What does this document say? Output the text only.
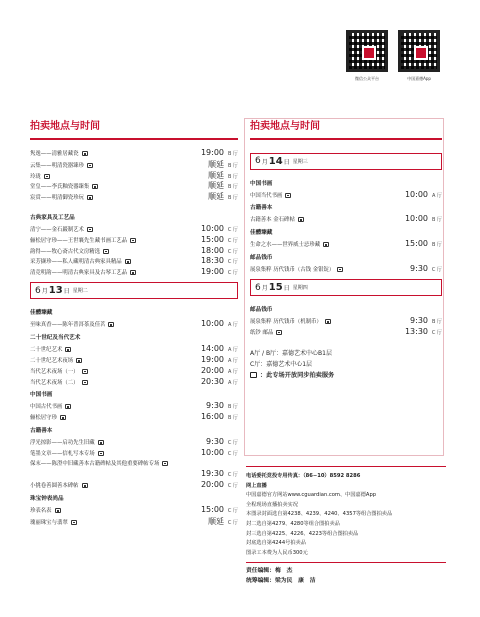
微信公众平台	中国嘉德App
拍卖地点与时间
隽逸——清雅居藏瓷	19:00 B 厅
云集——明清瓷器臻珍	顺延 B 厅
玲珑	顺延 B 厅
堂皇——李氏釉瓷器臻集	顺延 B 厅
宸赏——明清御瓷珍玩	顺延 B 厅
古典家具及工艺品
清宁——金石巖制艺术	10:00 C 厅
俪松居守珍——王世襄先生藏书画工艺品	15:00 C 厅
韵得——牧心斋古代文房精选	18:00 C 厅
采芳撷珍——私人藏明清古典家具精品	18:30 C 厅
清竞明韵——明清古典家具及古琴工艺品	19:00 C 厅
6 月 13 日 星期二
佳醴臻藏
至味真香——陈年普洱茶及佳茗	10:00 A 厅
二十世纪及当代艺术
二十世纪艺术	14:00 A 厅
二十世纪艺术夜场	19:00 A 厅
当代艺术夜场（一）	20:00 A 厅
当代艺术夜场（二）	20:30 A 厅
中国书画
中国古代书画	9:30 B 厅
俪松居守珍	16:00 B 厅
古籍善本
浮光掠影——启功先生旧藏	9:30 C 厅
笔墨文章——信札写本专场	10:00 C 厅
保末——陈澄中旧藏善本古籍碑帖及其他重要碑帖专场
19:30 C 厅
小挑卷善圆善本碑帖	20:00 C 厅
珠宝钟表尚品
珍表名表	15:00 C 厅
瑰丽珠宝与翡翠	顺延 C 厅
拍卖地点与时间
6 月 14 日 星期三
中国书画
中国当代书画	10:00 A 厅
古籍善本
古籍善本 金石碑帖	10:00 B 厅
佳醴臻藏
生命之水——世界威士忌珍藏	15:00 B 厅
邮品钱币
展泉集粹 历代钱币（古钱 金银锭）	9:30 C 厅
6 月 15 日 星期四
邮品钱币
展泉集粹 历代钱币（机制币）	9:30 B 厅
纸钞 邮品	13:30 C 厅
A厅 / B厅：嘉德艺术中心B1层
C厅：嘉德艺术中心1层
：此专场开放同步拍卖服务
电话委托竞投专用传真：（86−10）8592 8286
网上直播
中国嘉德官方网站www.cguardian.com、中国嘉德App
全程现场直播拍卖实况
本图录封面选自第4238、4239、4240、4357等组合图拍卖品
封二选自第4279、4280等组合图拍卖品
封三选自第4225、4226、4223等组合图拍卖品
封底选自第4244号拍卖品
图录工本费为人民币300元
责任编辑：梅　杰
统筹编辑：梁为民　康　洁
